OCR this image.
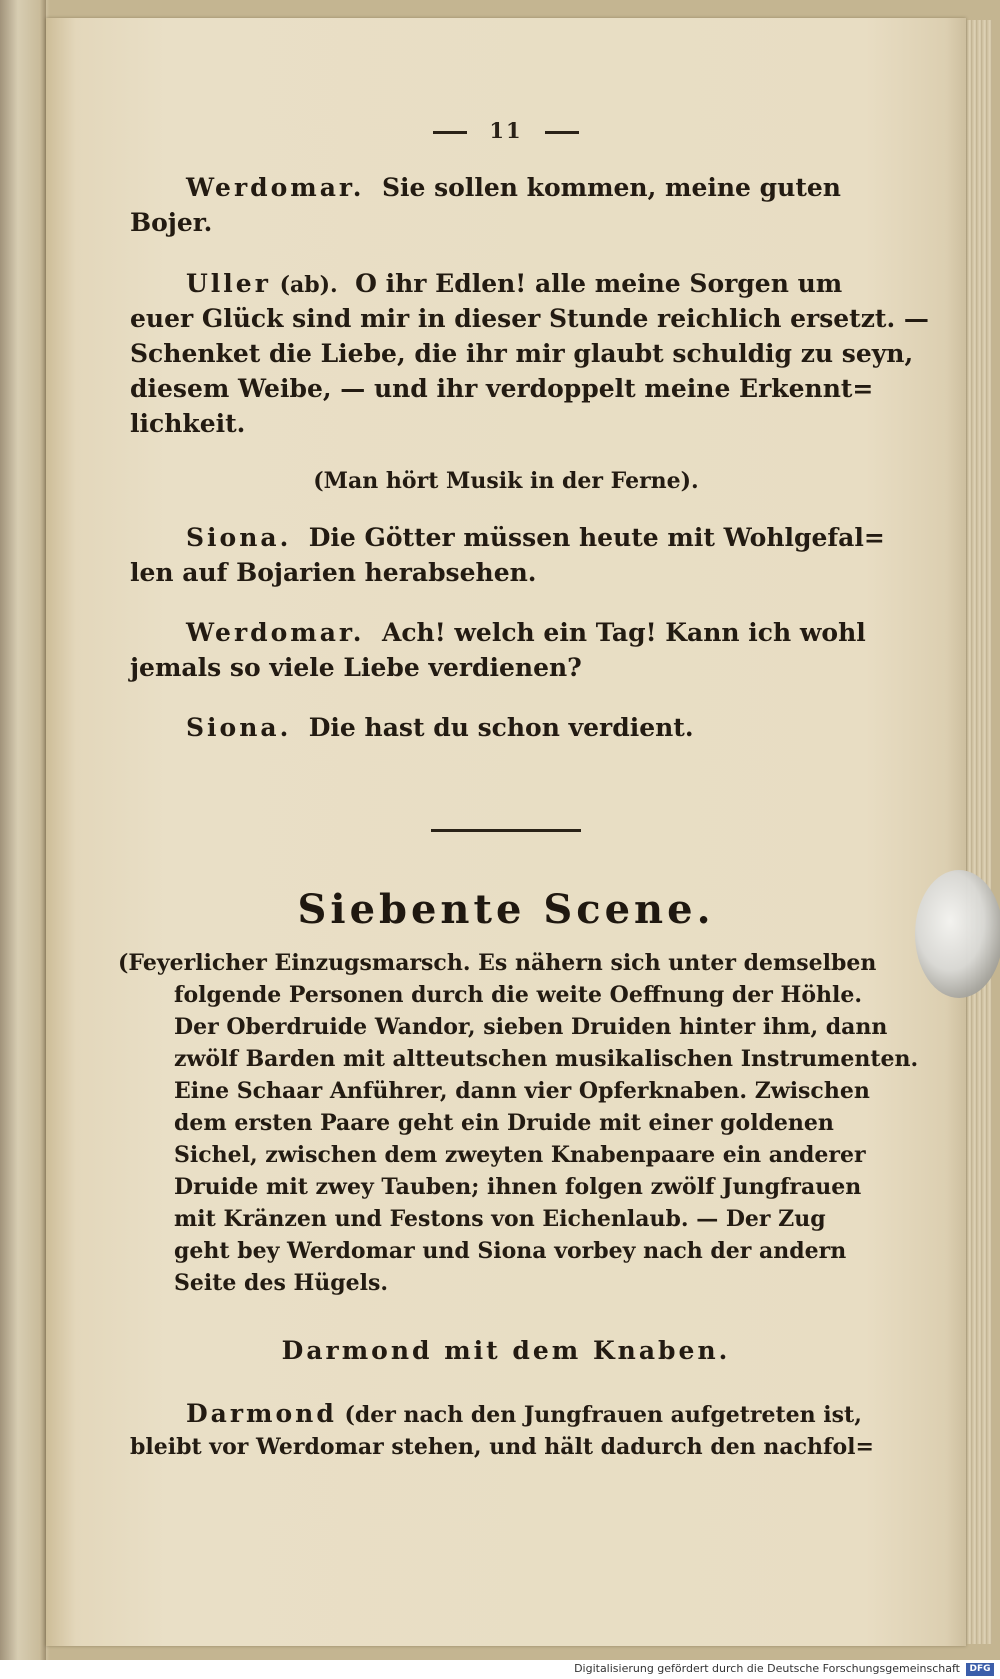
11
Werdomar. Sie sollen kommen, meine guten
Bojer.
Uller (ab). O ihr Edlen! alle meine Sorgen um
euer Glück sind mir in dieser Stunde reichlich ersetzt. —
Schenket die Liebe, die ihr mir glaubt schuldig zu seyn,
diesem Weibe, — und ihr verdoppelt meine Erkennt=
lichkeit.
(Man hört Musik in der Ferne).
Siona. Die Götter müssen heute mit Wohlgefal=
len auf Bojarien herabsehen.
Werdomar. Ach! welch ein Tag! Kann ich wohl
jemals so viele Liebe verdienen?
Siona. Die hast du schon verdient.
Siebente Scene.
(Feyerlicher Einzugsmarsch. Es nähern sich unter demselben
folgende Personen durch die weite Oeffnung der Höhle.
Der Oberdruide Wandor, sieben Druiden hinter ihm, dann
zwölf Barden mit altteutschen musikalischen Instrumenten.
Eine Schaar Anführer, dann vier Opferknaben. Zwischen
dem ersten Paare geht ein Druide mit einer goldenen
Sichel, zwischen dem zweyten Knabenpaare ein anderer
Druide mit zwey Tauben; ihnen folgen zwölf Jungfrauen
mit Kränzen und Festons von Eichenlaub. — Der Zug
geht bey Werdomar und Siona vorbey nach der andern
Seite des Hügels.
Darmond mit dem Knaben.
Darmond (der nach den Jungfrauen aufgetreten ist,
bleibt vor Werdomar stehen, und hält dadurch den nachfol=
Digitalisierung gefördert durch die Deutsche Forschungsgemeinschaft	DFG
